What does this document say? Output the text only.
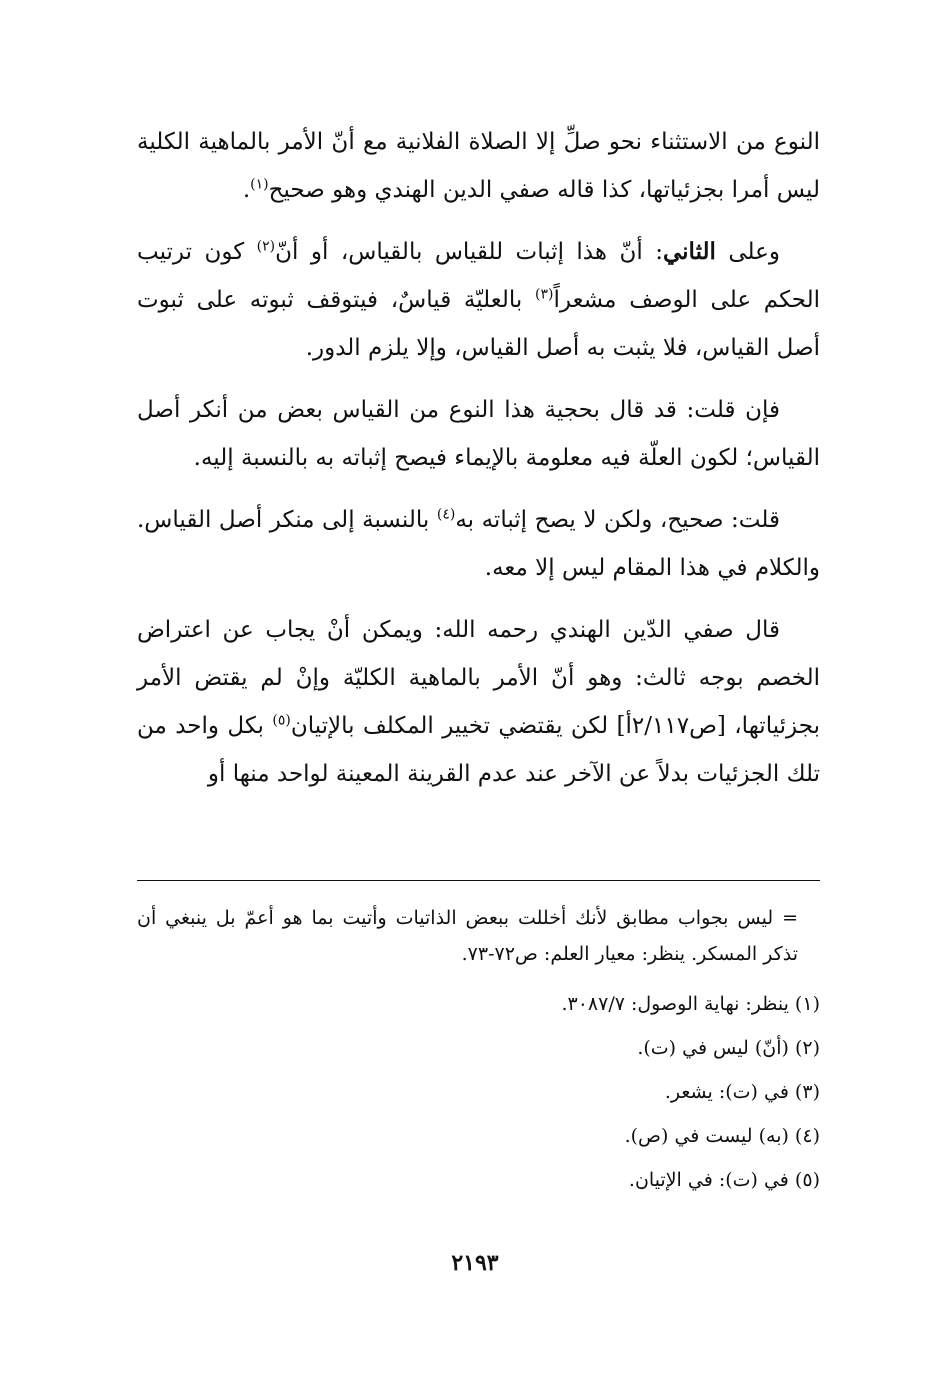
النوع من الاستثناء نحو صلِّ إلا الصلاة الفلانية مع أنّ الأمر بالماهية الكلية ليس أمرا بجزئياتها، كذا قاله صفي الدين الهندي وهو صحيح$^{(١)}$.

وعلى الثاني: أنّ هذا إثبات للقياس بالقياس، أو أنّ$^{(٢)}$ كون ترتيب الحكم على الوصف مشعراً$^{(٣)}$ بالعليّة قياسٌ، فيتوقف ثبوته على ثبوت أصل القياس، فلا يثبت به أصل القياس، وإلا يلزم الدور.

فإن قلت: قد قال بحجية هذا النوع من القياس بعض من أنكر أصل القياس؛ لكون العلّة فيه معلومة بالإيماء فيصح إثباته به بالنسبة إليه.

قلت: صحيح، ولكن لا يصح إثباته به$^{(٤)}$ بالنسبة إلى منكر أصل القياس. والكلام في هذا المقام ليس إلا معه.

قال صفي الدّين الهندي رحمه الله: ويمكن أنْ يجاب عن اعتراض الخصم بوجه ثالث: وهو أنّ الأمر بالماهية الكليّة وإنْ لم يقتض الأمر بجزئياتها، [ص٢/١١٧أ] لكن يقتضي تخيير المكلف بالإتيان$^{(٥)}$ بكل واحد من تلك الجزئيات بدلاً عن الآخر عند عدم القرينة المعينة لواحد منها أو

= ليس بجواب مطابق لأنك أخللت ببعض الذاتيات وأتيت بما هو أعمّ بل ينبغي أن تذكر المسكر. ينظر: معيار العلم: ص٧٢-٧٣.

(١) ينظر: نهاية الوصول: ٣٠٨٧/٧.

(٢) (أنّ) ليس في (ت).

(٣) في (ت): يشعر.

(٤) (به) ليست في (ص).

(٥) في (ت): في الإتيان.

٢١٩٣
